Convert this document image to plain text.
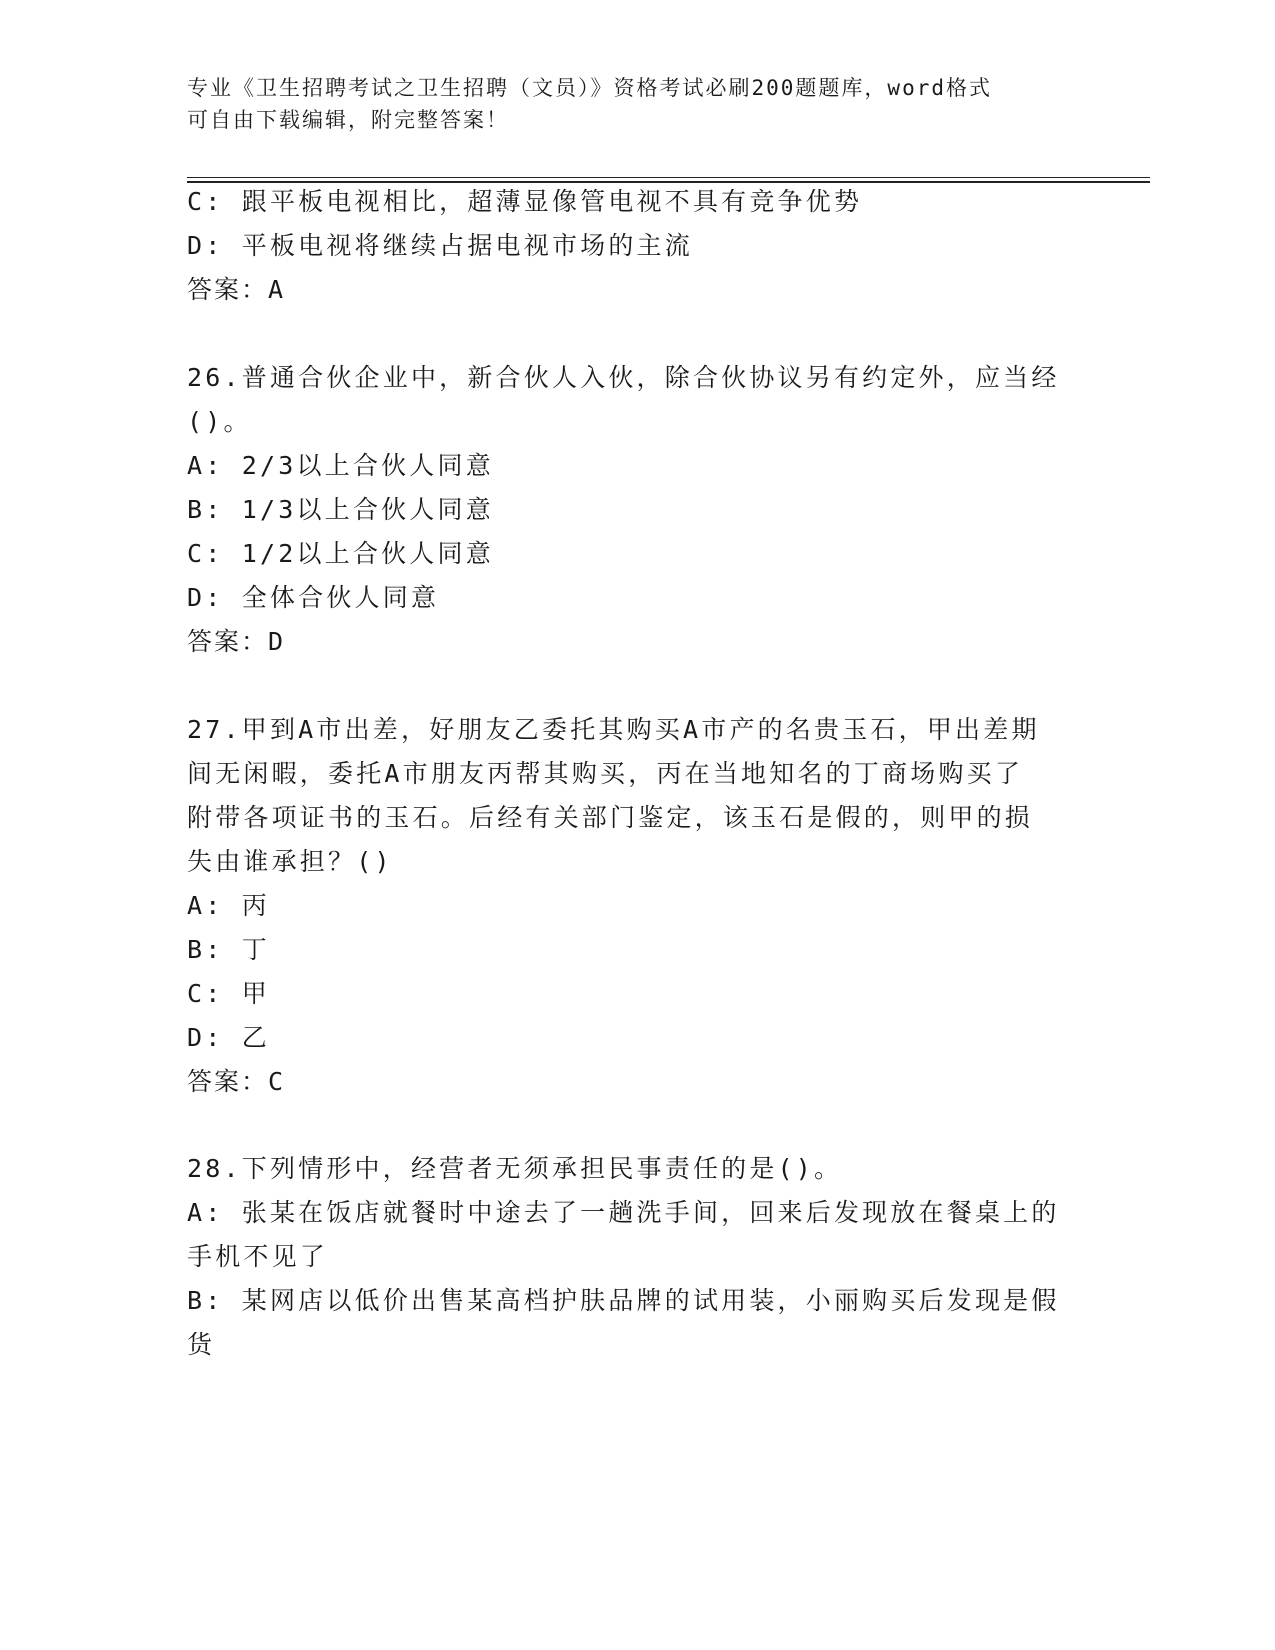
专业《卫生招聘考试之卫生招聘（文员）》资格考试必刷200题题库，word格式
可自由下载编辑，附完整答案！
C: 跟平板电视相比，超薄显像管电视不具有竞争优势
D: 平板电视将继续占据电视市场的主流
答案：A
26.普通合伙企业中，新合伙人入伙，除合伙协议另有约定外，应当经
()。
A: 2/3以上合伙人同意
B: 1/3以上合伙人同意
C: 1/2以上合伙人同意
D: 全体合伙人同意
答案：D
27.甲到A市出差，好朋友乙委托其购买A市产的名贵玉石，甲出差期
间无闲暇，委托A市朋友丙帮其购买，丙在当地知名的丁商场购买了
附带各项证书的玉石。后经有关部门鉴定，该玉石是假的，则甲的损
失由谁承担？()
A: 丙
B: 丁
C: 甲
D: 乙
答案：C
28.下列情形中，经营者无须承担民事责任的是()。
A: 张某在饭店就餐时中途去了一趟洗手间，回来后发现放在餐桌上的
手机不见了
B: 某网店以低价出售某高档护肤品牌的试用装，小丽购买后发现是假
货
